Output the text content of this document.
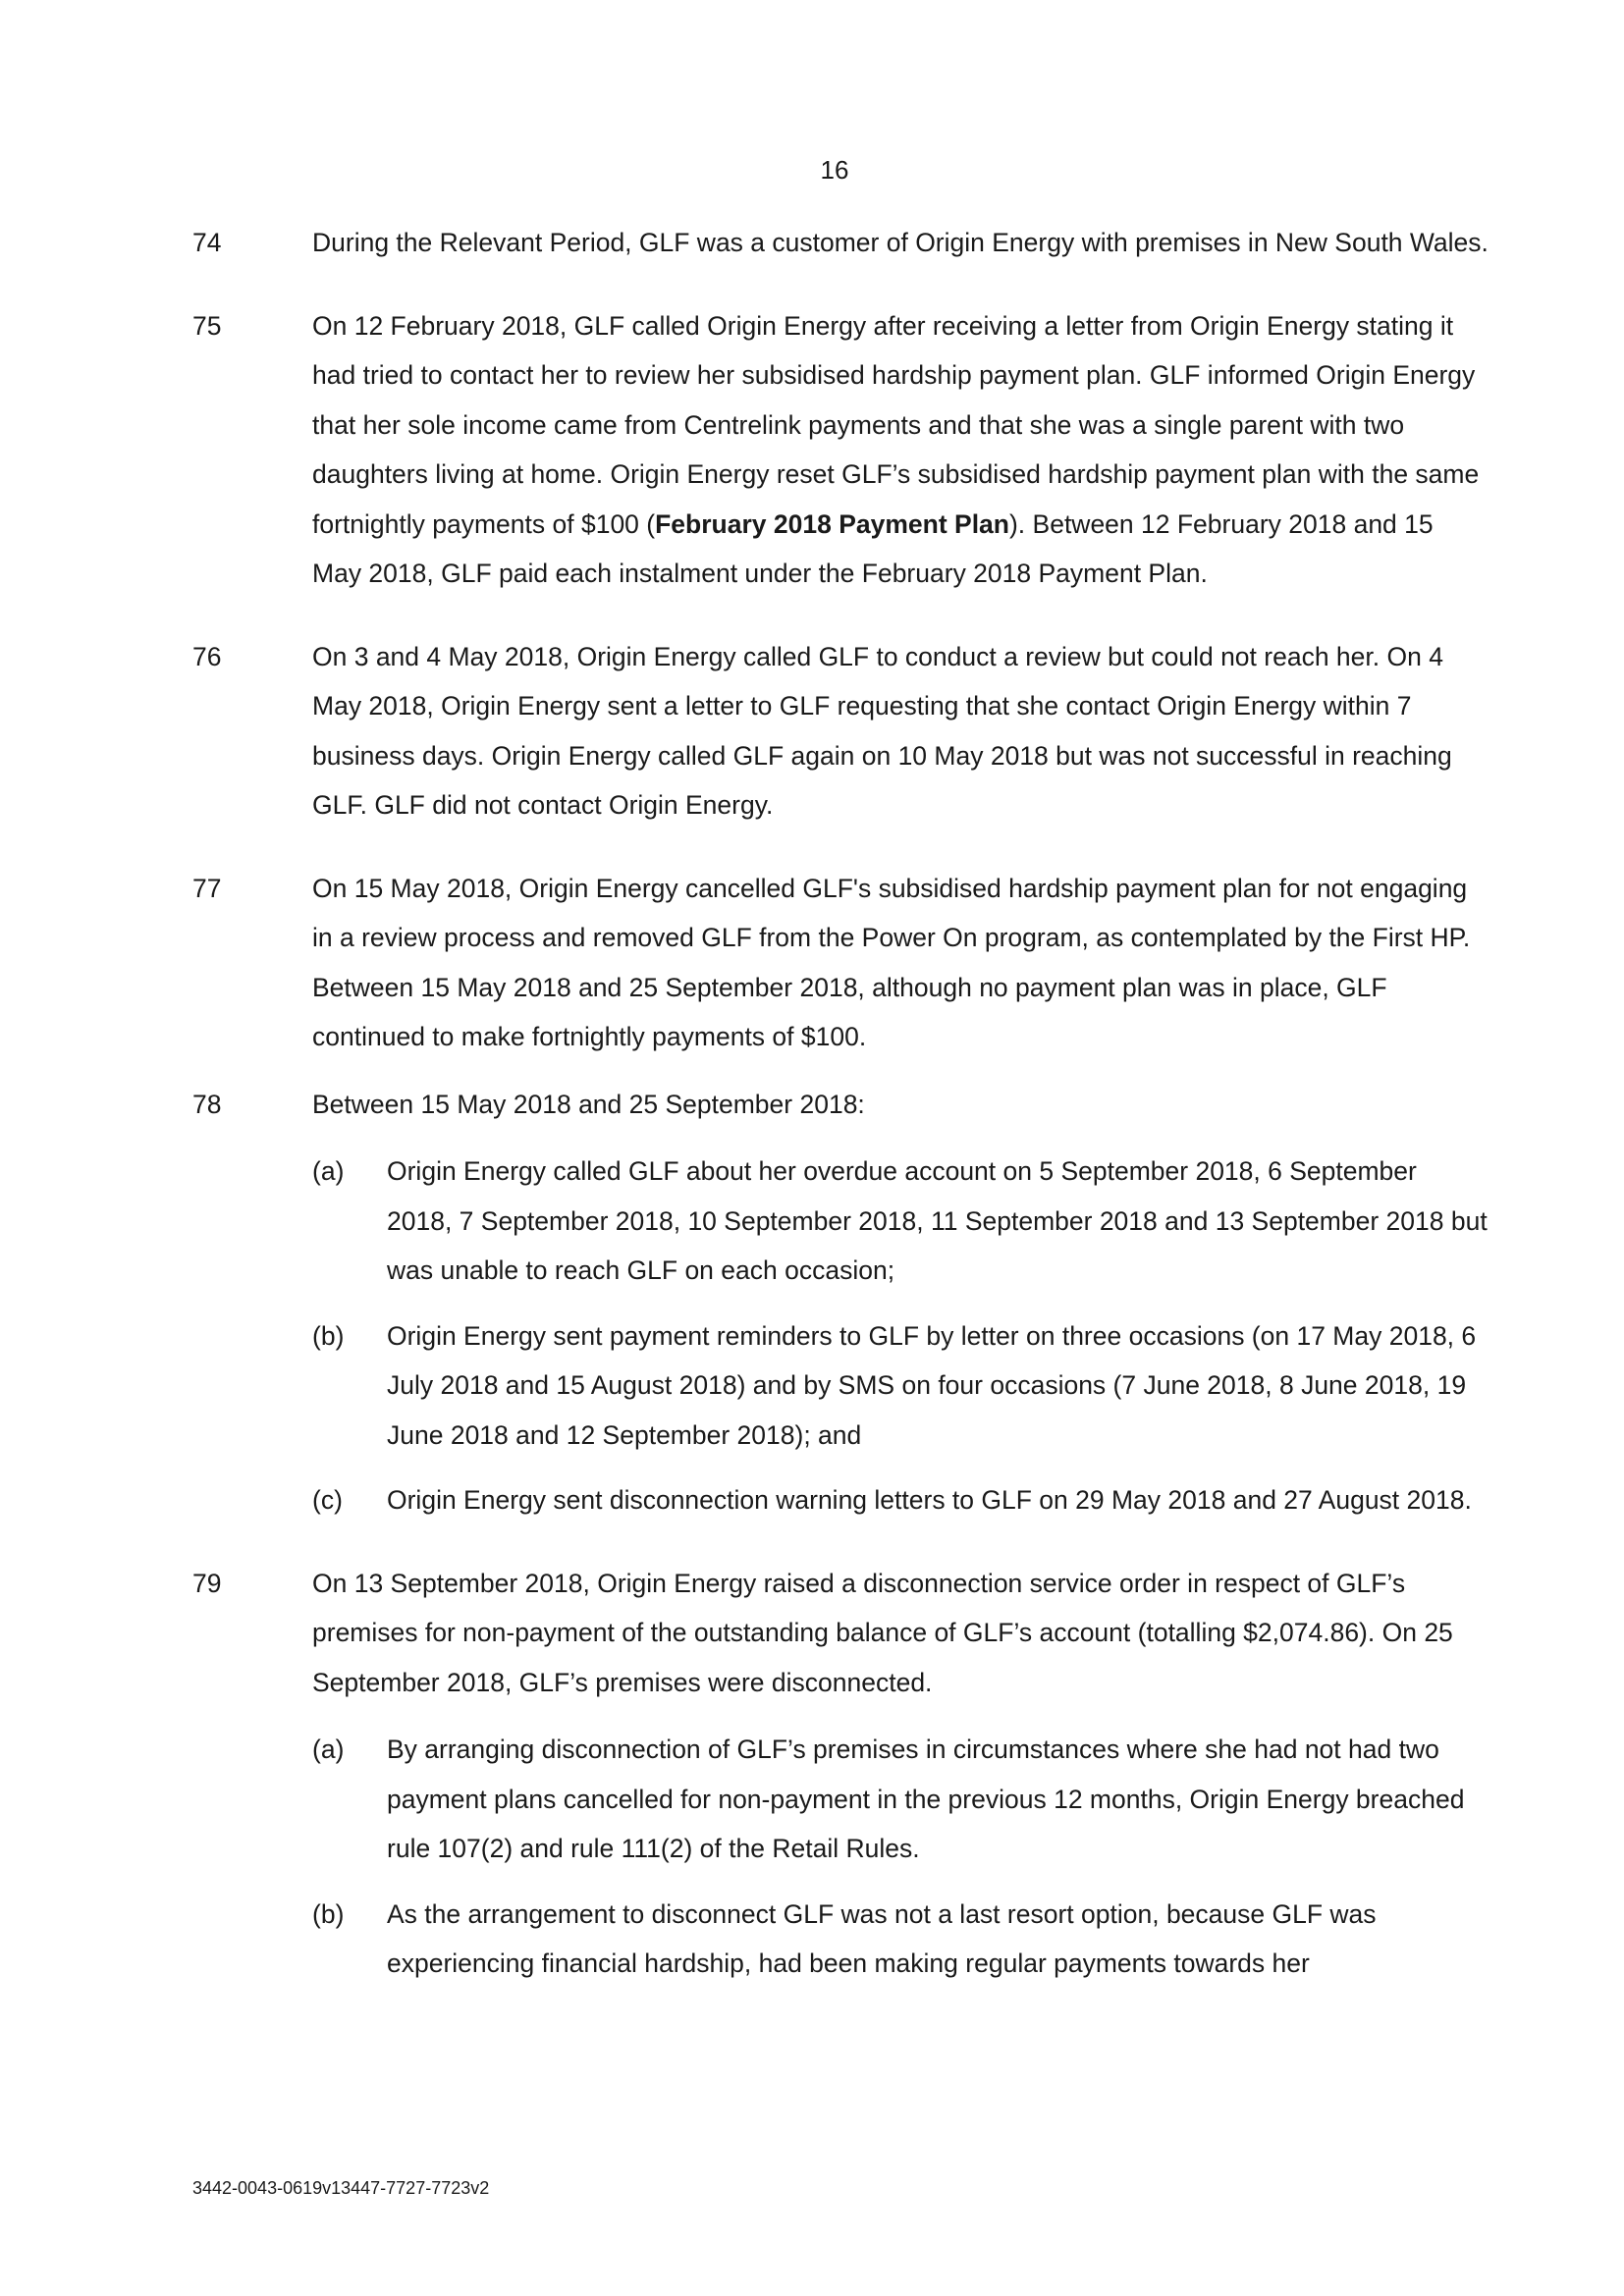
16
74	During the Relevant Period, GLF was a customer of Origin Energy with premises in New South Wales.
75	On 12 February 2018, GLF called Origin Energy after receiving a letter from Origin Energy stating it had tried to contact her to review her subsidised hardship payment plan. GLF informed Origin Energy that her sole income came from Centrelink payments and that she was a single parent with two daughters living at home. Origin Energy reset GLF’s subsidised hardship payment plan with the same fortnightly payments of $100 (February 2018 Payment Plan). Between 12 February 2018 and 15 May 2018, GLF paid each instalment under the February 2018 Payment Plan.
76	On 3 and 4 May 2018, Origin Energy called GLF to conduct a review but could not reach her. On 4 May 2018, Origin Energy sent a letter to GLF requesting that she contact Origin Energy within 7 business days. Origin Energy called GLF again on 10 May 2018 but was not successful in reaching GLF. GLF did not contact Origin Energy.
77	On 15 May 2018, Origin Energy cancelled GLF's subsidised hardship payment plan for not engaging in a review process and removed GLF from the Power On program, as contemplated by the First HP. Between 15 May 2018 and 25 September 2018, although no payment plan was in place, GLF continued to make fortnightly payments of $100.
78	Between 15 May 2018 and 25 September 2018:
(a) Origin Energy called GLF about her overdue account on 5 September 2018, 6 September 2018, 7 September 2018, 10 September 2018, 11 September 2018 and 13 September 2018 but was unable to reach GLF on each occasion;
(b) Origin Energy sent payment reminders to GLF by letter on three occasions (on 17 May 2018, 6 July 2018 and 15 August 2018) and by SMS on four occasions (7 June 2018, 8 June 2018, 19 June 2018 and 12 September 2018); and
(c) Origin Energy sent disconnection warning letters to GLF on 29 May 2018 and 27 August 2018.
79	On 13 September 2018, Origin Energy raised a disconnection service order in respect of GLF’s premises for non-payment of the outstanding balance of GLF’s account (totalling $2,074.86). On 25 September 2018, GLF’s premises were disconnected.
(a) By arranging disconnection of GLF’s premises in circumstances where she had not had two payment plans cancelled for non-payment in the previous 12 months, Origin Energy breached rule 107(2) and rule 111(2) of the Retail Rules.
(b) As the arrangement to disconnect GLF was not a last resort option, because GLF was experiencing financial hardship, had been making regular payments towards her
3442-0043-0619v13447-7727-7723v2
